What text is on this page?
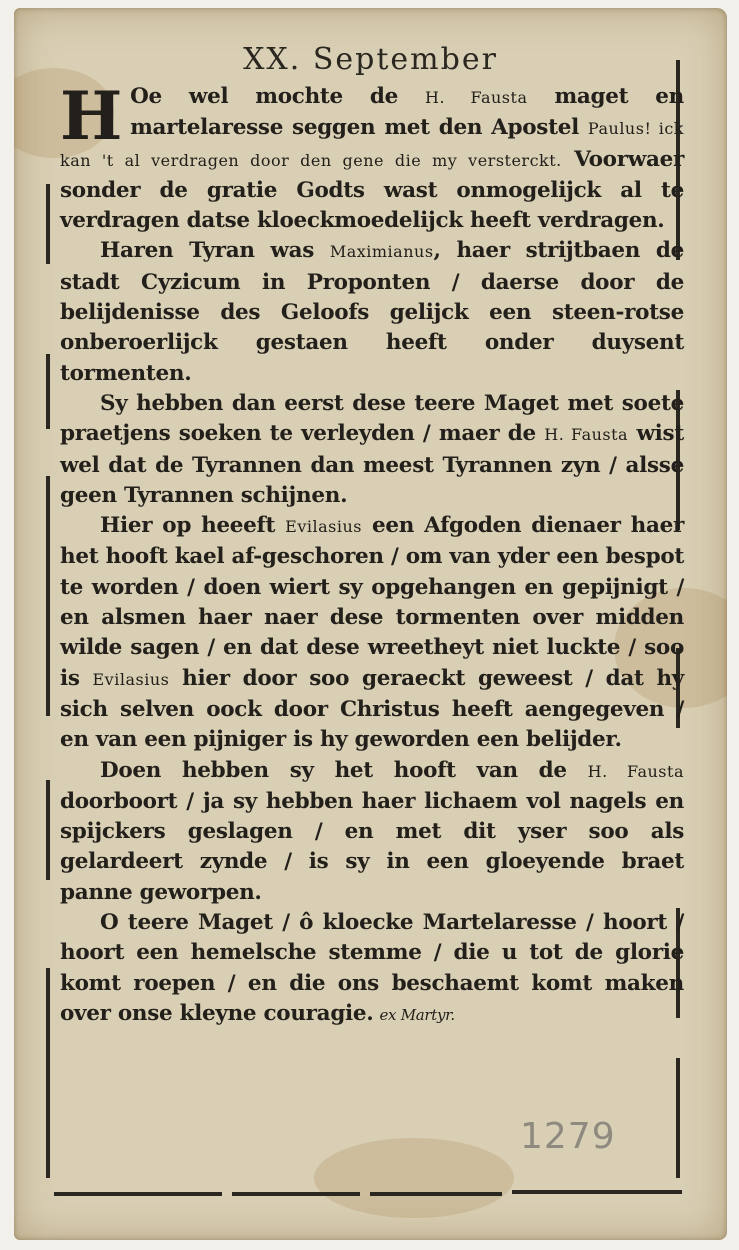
XX. September

H Oe wel mochte de H. Fausta maget en martelaresse seggen met den Apostel Paulus! ick kan 't al verdragen door den gene die my versterckt. Voorwaer sonder de gratie Godts wast onmogelijck al te verdragen datse kloeckmoedelijck heeft verdragen.

Haren Tyran was Maximianus, haer strijtbaen de stadt Cyzicum in Proponten / daerse door de belijdenisse des Geloofs gelijck een steen-rotse onberoerlijck gestaen heeft onder duysent tormenten.

Sy hebben dan eerst dese teere Maget met soete praetjens soeken te verleyden / maer de H. Fausta wist wel dat de Tyrannen dan meest Tyrannen zyn / alsse geen Tyrannen schijnen.

Hier op heeeft Evilasius een Afgoden dienaer haer het hooft kael af-geschoren / om van yder een bespot te worden / doen wiert sy opgehangen en gepijnigt / en alsmen haer naer dese tormenten over midden wilde sagen / en dat dese wreetheyt niet luckte / soo is Evilasius hier door soo geraeckt geweest / dat hy sich selven oock door Christus heeft aengegeven / en van een pijniger is hy geworden een belijder.

Doen hebben sy het hooft van de H. Fausta doorboort / ja sy hebben haer lichaem vol nagels en spijckers geslagen / en met dit yser soo als gelardeert zynde / is sy in een gloeyende braet panne geworpen.

O teere Maget / ô kloecke Martelaresse / hoort / hoort een hemelsche stemme / die u tot de glorie komt roepen / en die ons beschaemt komt maken over onse kleyne couragie. ex Martyr.

1279
